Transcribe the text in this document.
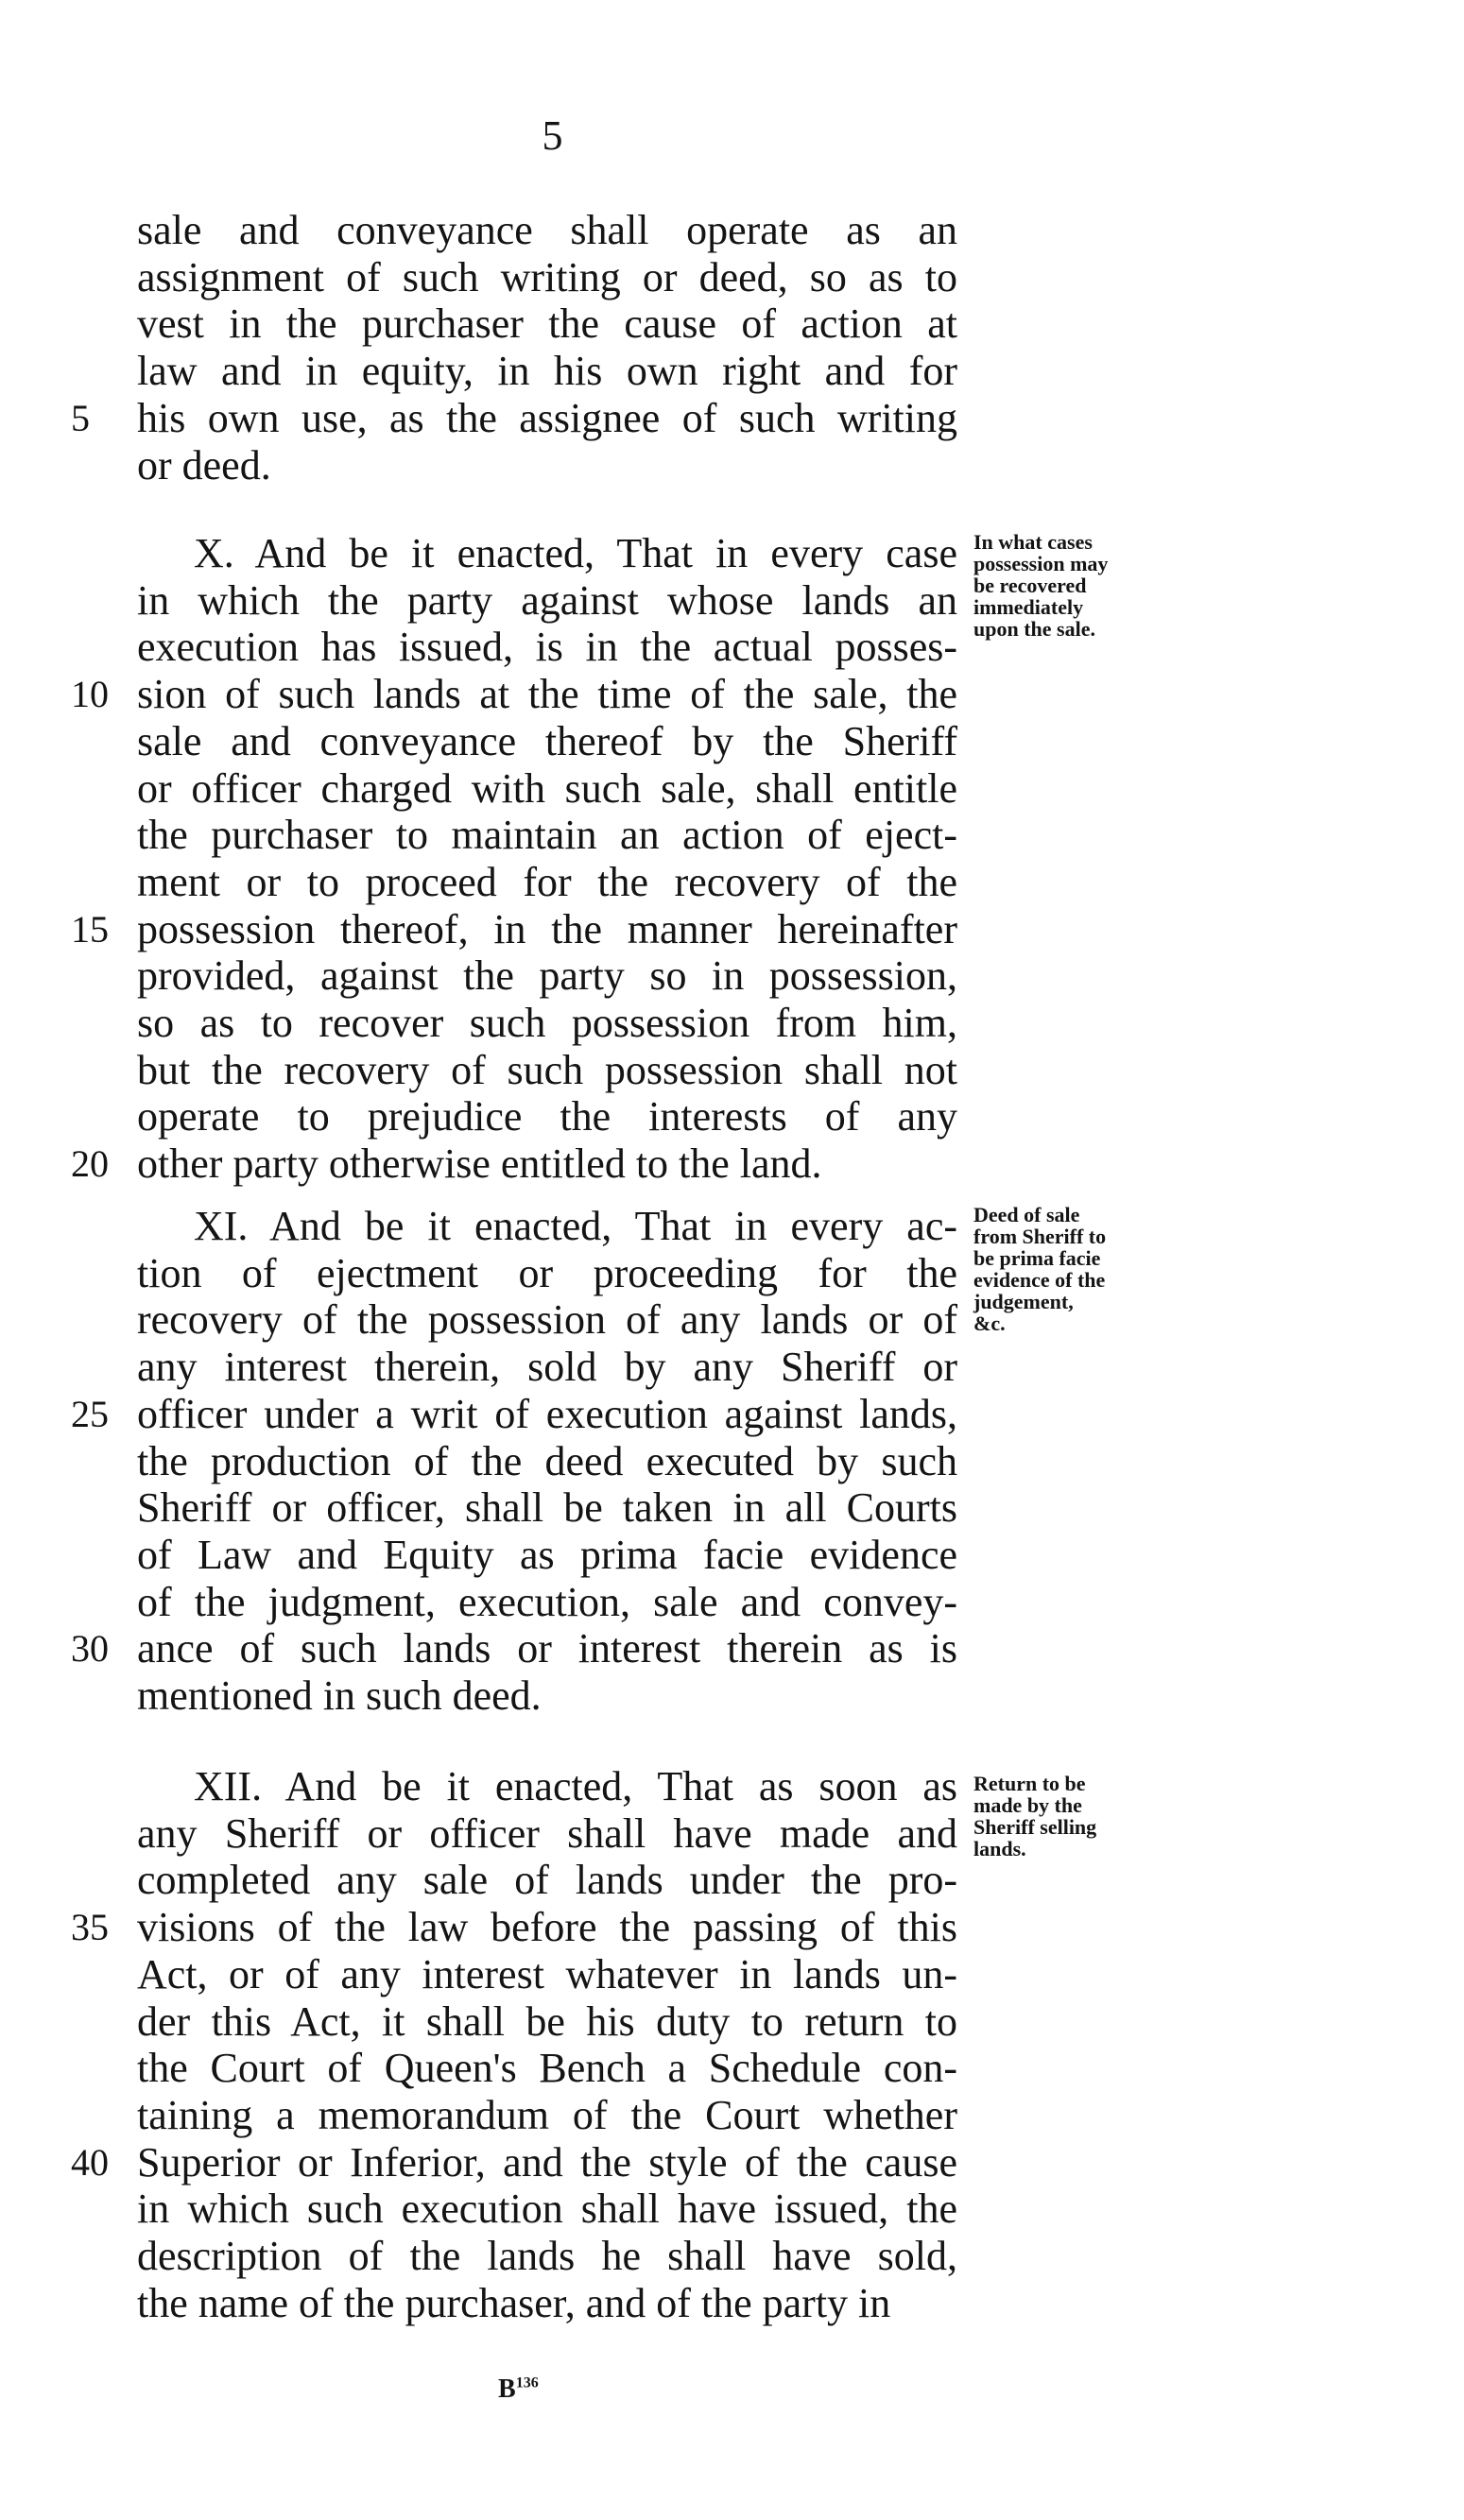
5
sale and conveyance shall operate as an
assignment of such writing or deed, so as to
vest in the purchaser the cause of action at
law and in equity, in his own right and for
his own use, as the assignee of such writing
5
or deed.
X. And be it enacted, That in every case
in which the party against whose lands an
execution has issued, is in the actual posses-
sion of such lands at the time of the sale, the
10
sale and conveyance thereof by the Sheriff
or officer charged with such sale, shall entitle
the purchaser to maintain an action of eject-
ment or to proceed for the recovery of the
possession thereof, in the manner hereinafter
15
provided, against the party so in possession,
so as to recover such possession from him,
but the recovery of such possession shall not
operate to prejudice the interests of any
other party otherwise entitled to the land.
20
In what cases
possession may
be recovered
immediately
upon the sale.
XI. And be it enacted, That in every ac-
tion of ejectment or proceeding for the
recovery of the possession of any lands or of
any interest therein, sold by any Sheriff or
officer under a writ of execution against lands,
25
the production of the deed executed by such
Sheriff or officer, shall be taken in all Courts
of Law and Equity as prima facie evidence
of the judgment, execution, sale and convey-
ance of such lands or interest therein as is
30
mentioned in such deed.
Deed of sale
from Sheriff to
be prima facie
evidence of the
judgement,
&c.
XII. And be it enacted, That as soon as
any Sheriff or officer shall have made and
completed any sale of lands under the pro-
visions of the law before the passing of this
35
Act, or of any interest whatever in lands un-
der this Act, it shall be his duty to return to
the Court of Queen's Bench a Schedule con-
taining a memorandum of the Court whether
Superior or Inferior, and the style of the cause
40
in which such execution shall have issued, the
description of the lands he shall have sold,
the name of the purchaser, and of the party in
Return to be
made by the
Sheriff selling
lands.
$B^{136}$
